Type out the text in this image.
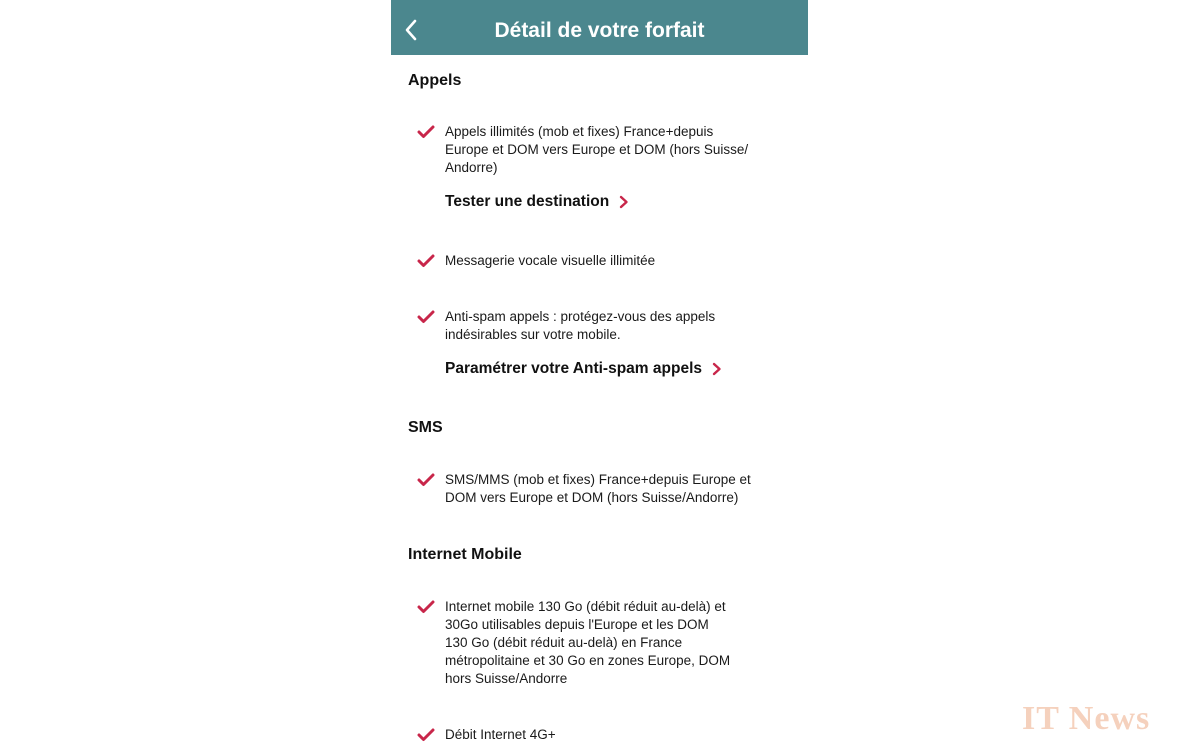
Détail de votre forfait
Appels
Appels illimités (mob et fixes) France+depuis
Europe et DOM vers Europe et DOM (hors Suisse/
Andorre)
Tester une destination
Messagerie vocale visuelle illimitée
Anti-spam appels : protégez-vous des appels
indésirables sur votre mobile.
Paramétrer votre Anti-spam appels
SMS
SMS/MMS (mob et fixes) France+depuis Europe et
DOM vers Europe et DOM (hors Suisse/Andorre)
Internet Mobile
Internet mobile 130 Go (débit réduit au-delà) et
30Go utilisables depuis l'Europe et les DOM
130 Go (débit réduit au-delà) en France
métropolitaine et 30 Go en zones Europe, DOM
hors Suisse/Andorre
Débit Internet 4G+	IT News
